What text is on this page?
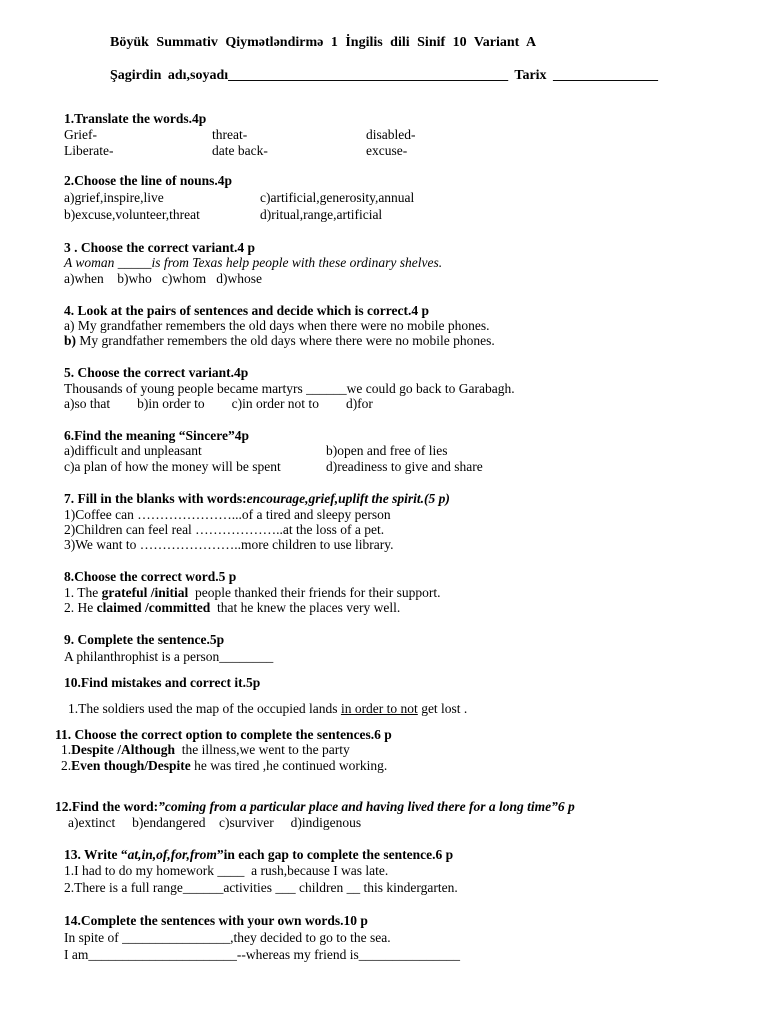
Böyük Summativ Qiymətləndirmə 1 İngilis dili Sinif 10 Variant A
Şagirdin adı,soyadı________________________________________ Tarix _______________
1.Translate the words.4p
Grief-	threat-	disabled-
Liberate-	date back-	excuse-
2.Choose the line of nouns.4p
a)grief,inspire,live	c)artificial,generosity,annual
b)excuse,volunteer,threat	d)ritual,range,artificial
3 . Choose the correct variant.4 p
A woman _____is from Texas help people with these ordinary shelves.
a)when    b)who   c)whom   d)whose
4. Look at the pairs of sentences and decide which is correct.4 p
a) My grandfather remembers the old days when there were no mobile phones.
b) My grandfather remembers the old days where there were no mobile phones.
5. Choose the correct variant.4p
Thousands of young people became martyrs ______we could go back to Garabagh.
a)so that        b)in order to        c)in order not to        d)for
6.Find the meaning “Sincere”4p
a)difficult and unpleasant	b)open and free of lies
c)a plan of how the money will be spent	d)readiness to give and share
7. Fill in the blanks with words:encourage,grief,uplift the spirit.(5 p)
1)Coffee can …………………...of a tired and sleepy person
2)Children can feel real ………………..at the loss of a pet.
3)We want to …………………..more children to use library.
8.Choose the correct word.5 p
1. The grateful /initial  people thanked their friends for their support.
2. He claimed /committed  that he knew the places very well.
9. Complete the sentence.5p
A philanthrophist is a person________
10.Find mistakes and correct it.5p
1.The soldiers used the map of the occupied lands in order to not get lost .
11. Choose the correct option to complete the sentences.6 p
1.Despite /Although  the illness,we went to the party
2.Even though/Despite he was tired ,he continued working.
12.Find the word:”coming from a particular place and having lived there for a long time”6 p
a)extinct     b)endangered    c)surviver     d)indigenous
13. Write “at,in,of,for,from”in each gap to complete the sentence.6 p
1.I had to do my homework ____  a rush,because I was late.
2.There is a full range______activities ___ children __ this kindergarten.
14.Complete the sentences with your own words.10 p
In spite of ________________,they decided to go to the sea.
I am______________________--whereas my friend is_______________
